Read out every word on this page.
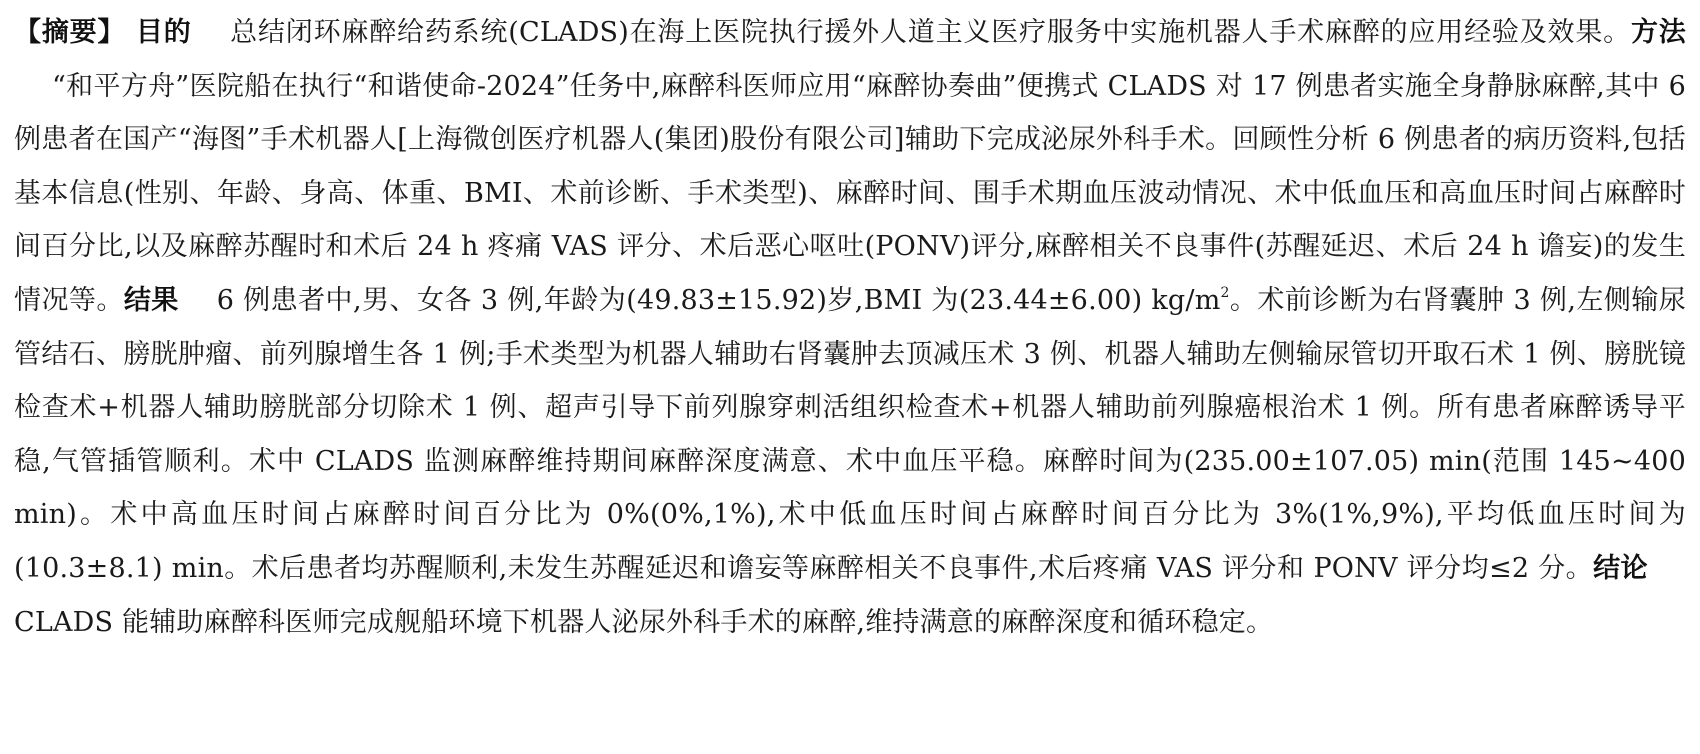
【摘要】 目的 总结闭环麻醉给药系统(CLADS)在海上医院执行援外人道主义医疗服务中实施机器人手术麻醉的应用经验及效果。方法“和平方舟”医院船在执行“和谐使命-2024”任务中,麻醉科医师应用“麻醉协奏曲”便携式 CLADS 对 17 例患者实施全身静脉麻醉,其中 6 例患者在国产“海图”手术机器人[上海微创医疗机器人(集团)股份有限公司]辅助下完成泌尿外科手术。回顾性分析 6 例患者的病历资料,包括基本信息(性别、年龄、身高、体重、BMI、术前诊断、手术类型)、麻醉时间、围手术期血压波动情况、术中低血压和高血压时间占麻醉时间百分比,以及麻醉苏醒时和术后 24 h 疼痛 VAS 评分、术后恶心呕吐(PONV)评分,麻醉相关不良事件(苏醒延迟、术后 24 h 谵妄)的发生情况等。结果 6 例患者中,男、女各 3 例,年龄为(49.83±15.92)岁,BMI 为(23.44±6.00) $kg/m^2$。术前诊断为右肾囊肿 3 例,左侧输尿管结石、膀胱肿瘤、前列腺增生各 1 例;手术类型为机器人辅助右肾囊肿去顶减压术 3 例、机器人辅助左侧输尿管切开取石术 1 例、膀胱镜检查术+机器人辅助膀胱部分切除术 1 例、超声引导下前列腺穿刺活组织检查术+机器人辅助前列腺癌根治术 1 例。所有患者麻醉诱导平稳,气管插管顺利。术中 CLADS 监测麻醉维持期间麻醉深度满意、术中血压平稳。麻醉时间为(235.00±107.05) min(范围 145~400 min)。术中高血压时间占麻醉时间百分比为 0%(0%,1%),术中低血压时间占麻醉时间百分比为 3%(1%,9%),平均低血压时间为(10.3±8.1) min。术后患者均苏醒顺利,未发生苏醒延迟和谵妄等麻醉相关不良事件,术后疼痛 VAS 评分和 PONV 评分均≤2 分。结论CLADS 能辅助麻醉科医师完成舰船环境下机器人泌尿外科手术的麻醉,维持满意的麻醉深度和循环稳定。
